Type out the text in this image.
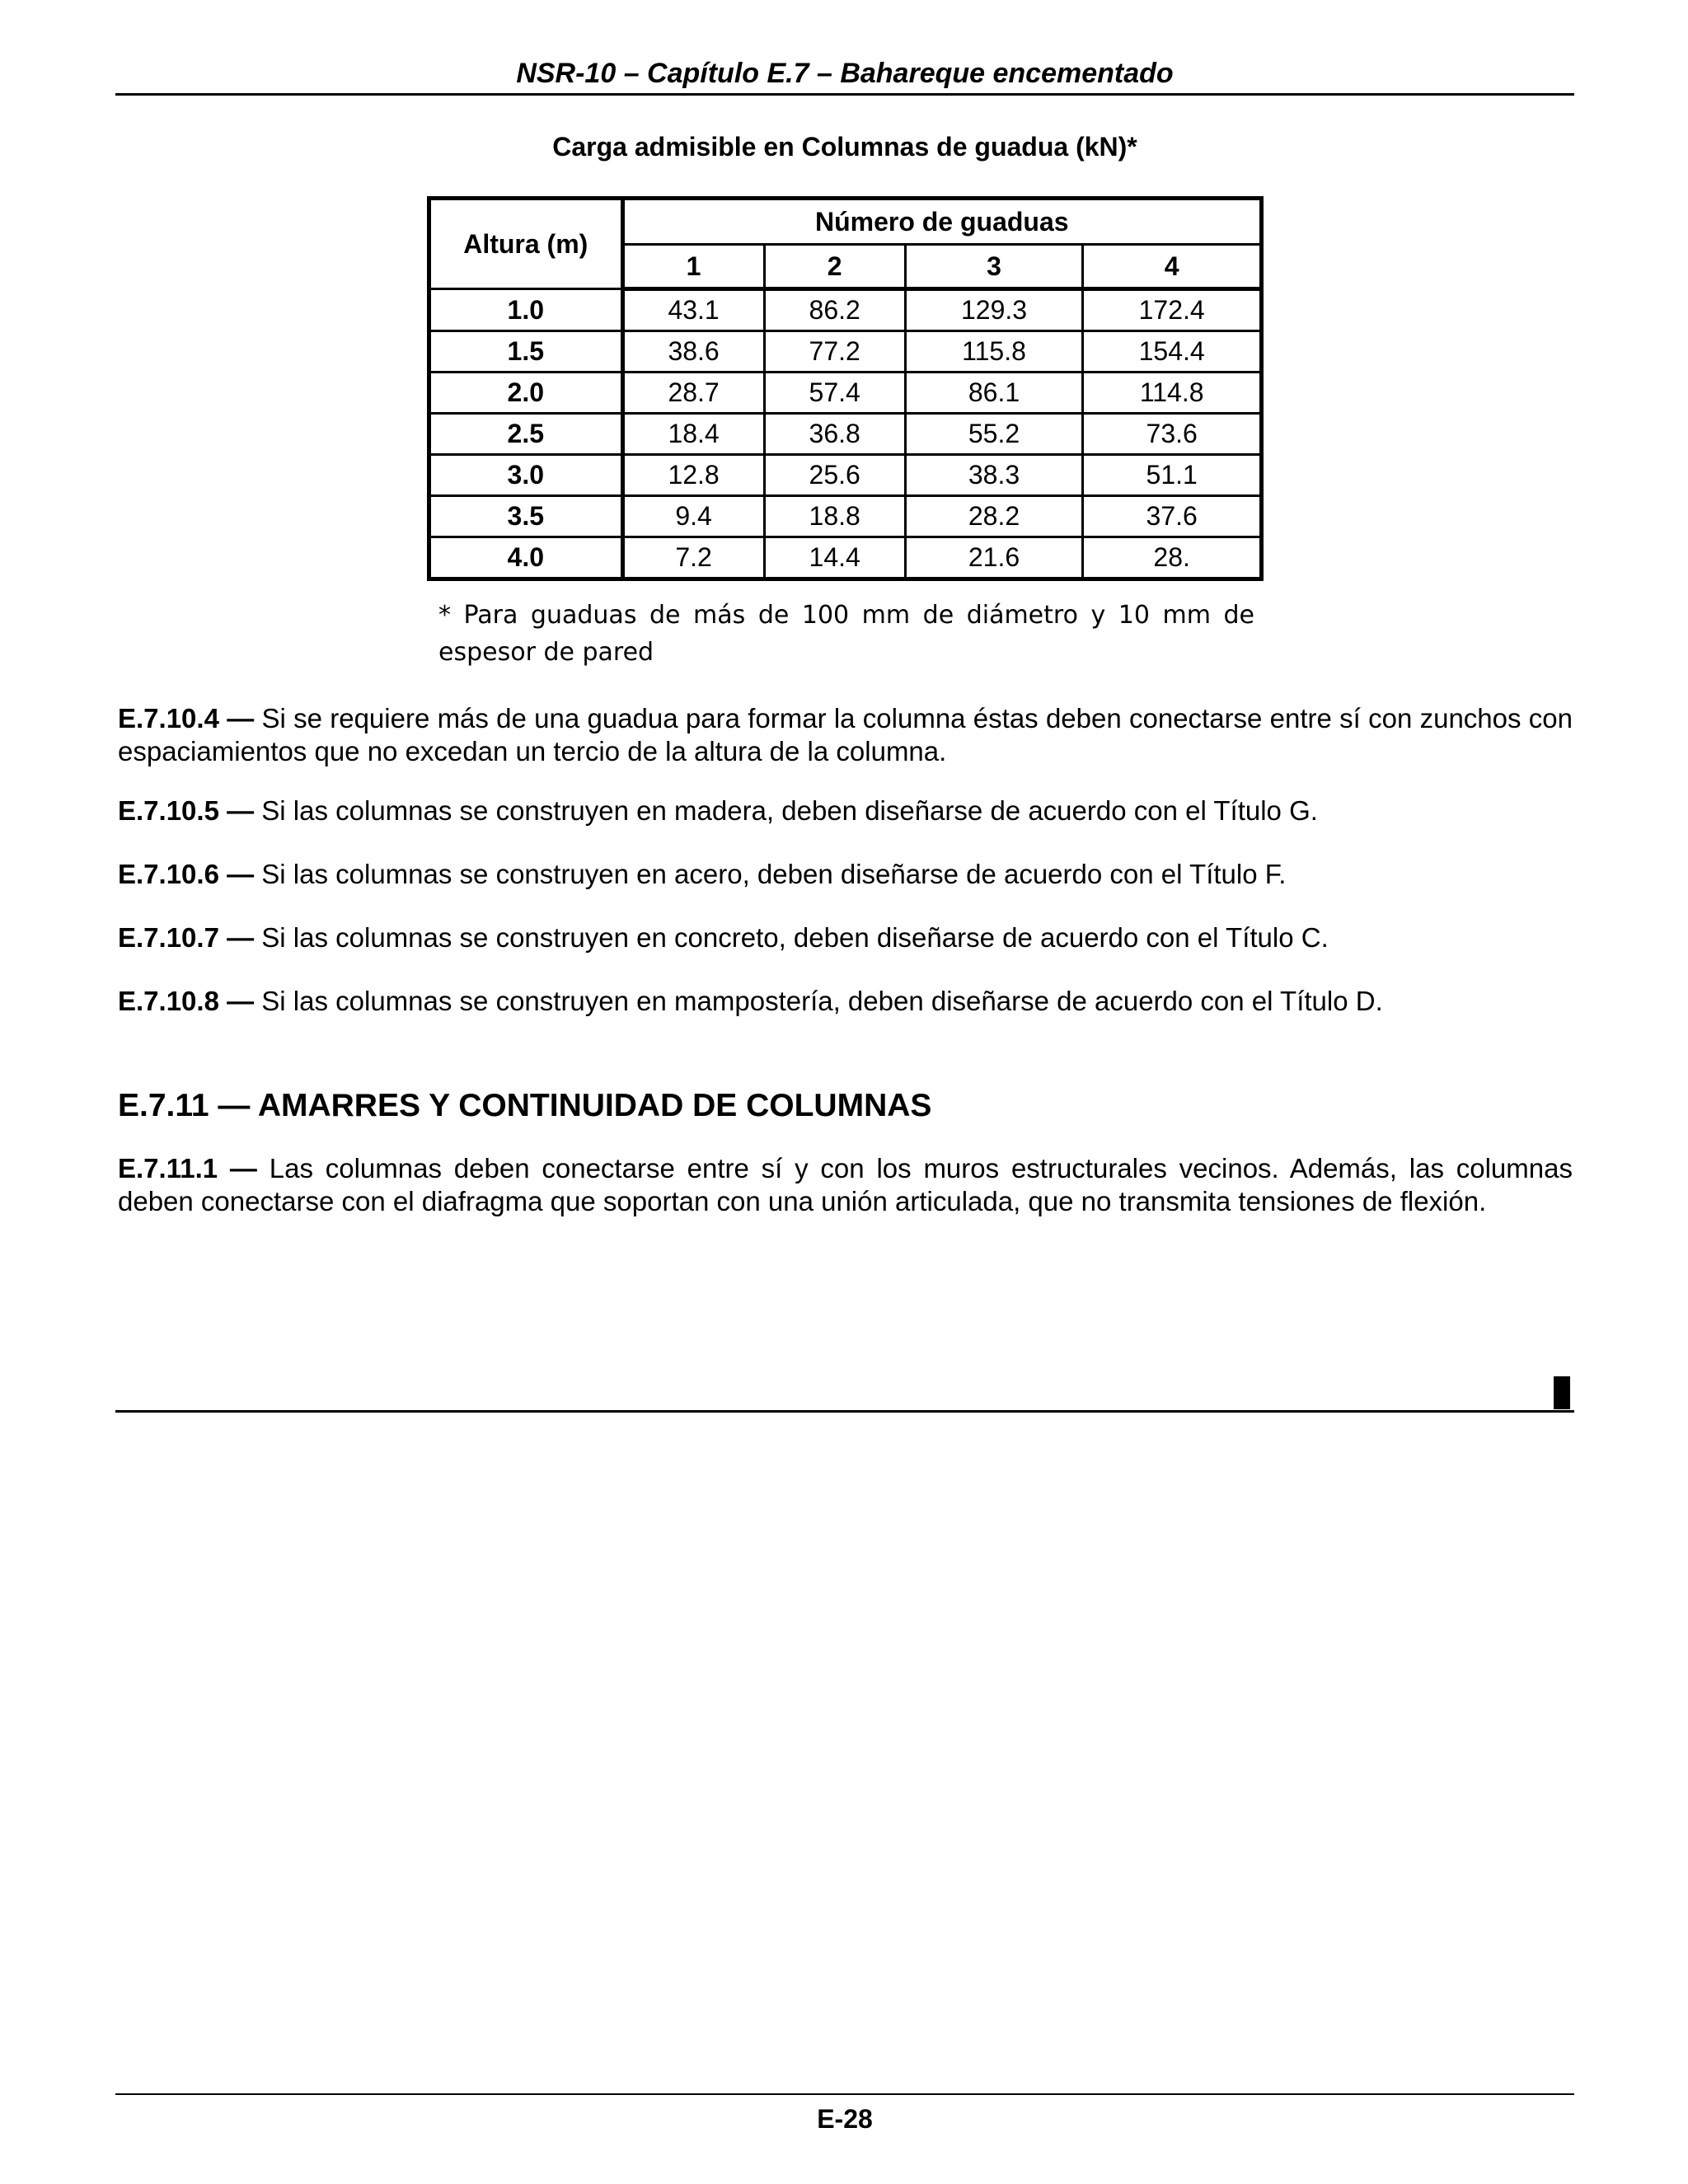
NSR-10 – Capítulo E.7 – Bahareque encementado
Carga admisible en Columnas de guadua (kN)*
Altura (m)	Número de guaduas			
	1	2	3	4
1.0	43.1	86.2	129.3	172.4
1.5	38.6	77.2	115.8	154.4
2.0	28.7	57.4	86.1	114.8
2.5	18.4	36.8	55.2	73.6
3.0	12.8	25.6	38.3	51.1
3.5	9.4	18.8	28.2	37.6
4.0	7.2	14.4	21.6	28.
* Para guaduas de más de 100 mm de diámetro y 10 mm de espesor de pared
E.7.10.4 — Si se requiere más de una guadua para formar la columna éstas deben conectarse entre sí con zunchos con espaciamientos que no excedan un tercio de la altura de la columna.
E.7.10.5 — Si las columnas se construyen en madera, deben diseñarse de acuerdo con el Título G.
E.7.10.6 — Si las columnas se construyen en acero, deben diseñarse de acuerdo con el Título F.
E.7.10.7 — Si las columnas se construyen en concreto, deben diseñarse de acuerdo con el Título C.
E.7.10.8 — Si las columnas se construyen en mampostería, deben diseñarse de acuerdo con el Título D.
E.7.11 — AMARRES Y CONTINUIDAD DE COLUMNAS
E.7.11.1 — Las columnas deben conectarse entre sí y con los muros estructurales vecinos. Además, las columnas deben conectarse con el diafragma que soportan con una unión articulada, que no transmita tensiones de flexión.
E-28
